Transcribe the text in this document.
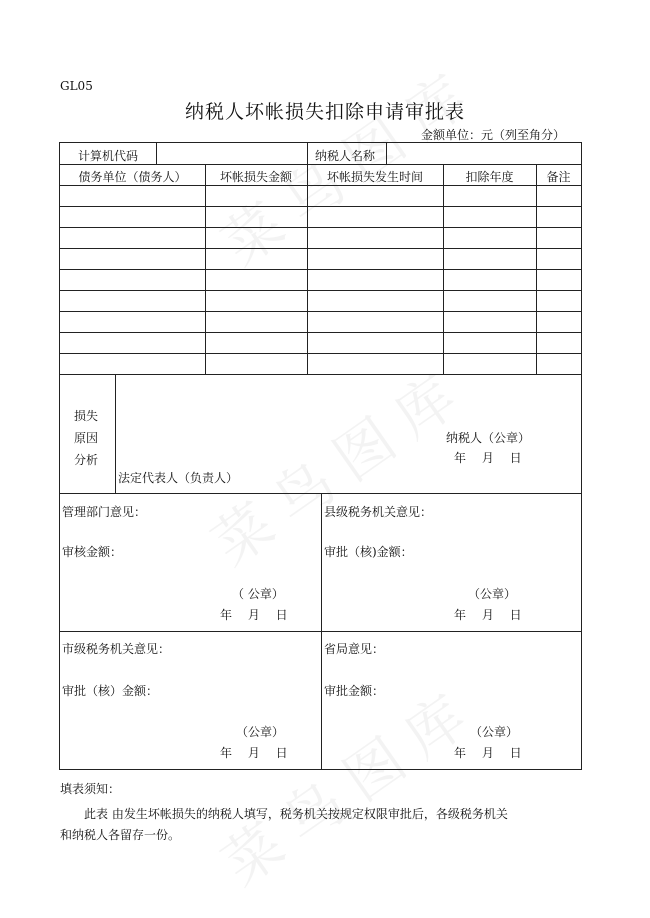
GL05
纳税人坏帐损失扣除申请审批表
金额单位：元（列至角分）
计算机代码	纳税人名称
债务单位（债务人）	坏帐损失金额	坏帐损失发生时间	扣除年度	备注
损失
原因
分析
纳税人（公章）
年　 月　 日
法定代表人（负责人）
管理部门意见：
审核金额：
（ 公章）
年　 月　 日
县级税务机关意见：
审批（核)金额：
（公章）
年　 月　 日
市级税务机关意见：
审批（核）金额：
（公章）
年　 月　 日
省局意见：
审批金额：
（公章）
年　 月　 日
填表须知：
此表 由发生坏帐损失的纳税人填写，税务机关按规定权限审批后，各级税务机关
和纳税人各留存一份。
